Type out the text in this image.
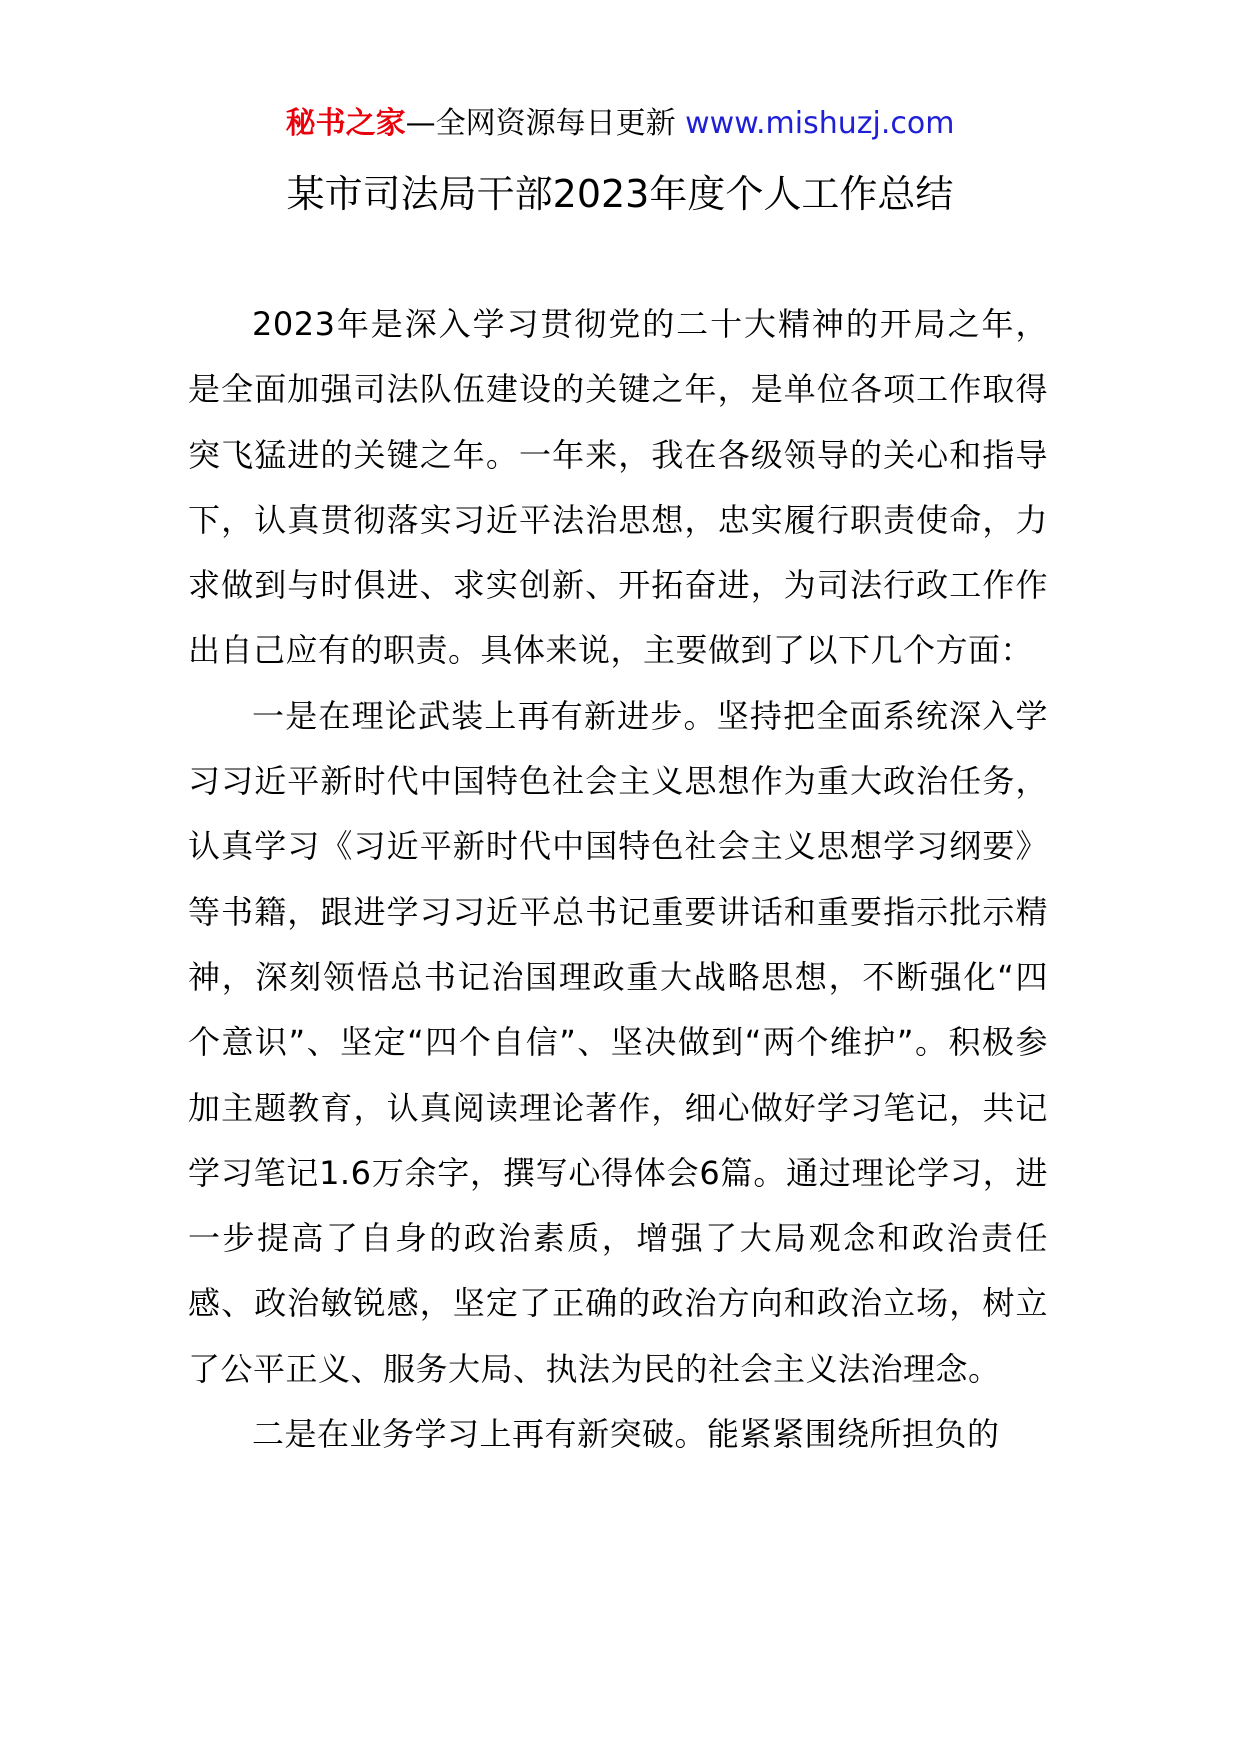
秘书之家—全网资源每日更新 www.mishuzj.com
某市司法局干部2023年度个人工作总结

2023年是深入学习贯彻党的二十大精神的开局之年，是全面加强司法队伍建设的关键之年，是单位各项工作取得突飞猛进的关键之年。一年来，我在各级领导的关心和指导下，认真贯彻落实习近平法治思想，忠实履行职责使命，力求做到与时俱进、求实创新、开拓奋进，为司法行政工作作出自己应有的职责。具体来说，主要做到了以下几个方面：

一是在理论武装上再有新进步。坚持把全面系统深入学习习近平新时代中国特色社会主义思想作为重大政治任务，认真学习《习近平新时代中国特色社会主义思想学习纲要》等书籍，跟进学习习近平总书记重要讲话和重要指示批示精神，深刻领悟总书记治国理政重大战略思想，不断强化“四个意识”、坚定“四个自信”、坚决做到“两个维护”。积极参加主题教育，认真阅读理论著作，细心做好学习笔记，共记学习笔记1.6万余字，撰写心得体会6篇。通过理论学习，进一步提高了自身的政治素质，增强了大局观念和政治责任感、政治敏锐感，坚定了正确的政治方向和政治立场，树立了公平正义、服务大局、执法为民的社会主义法治理念。

二是在业务学习上再有新突破。能紧紧围绕所担负的
